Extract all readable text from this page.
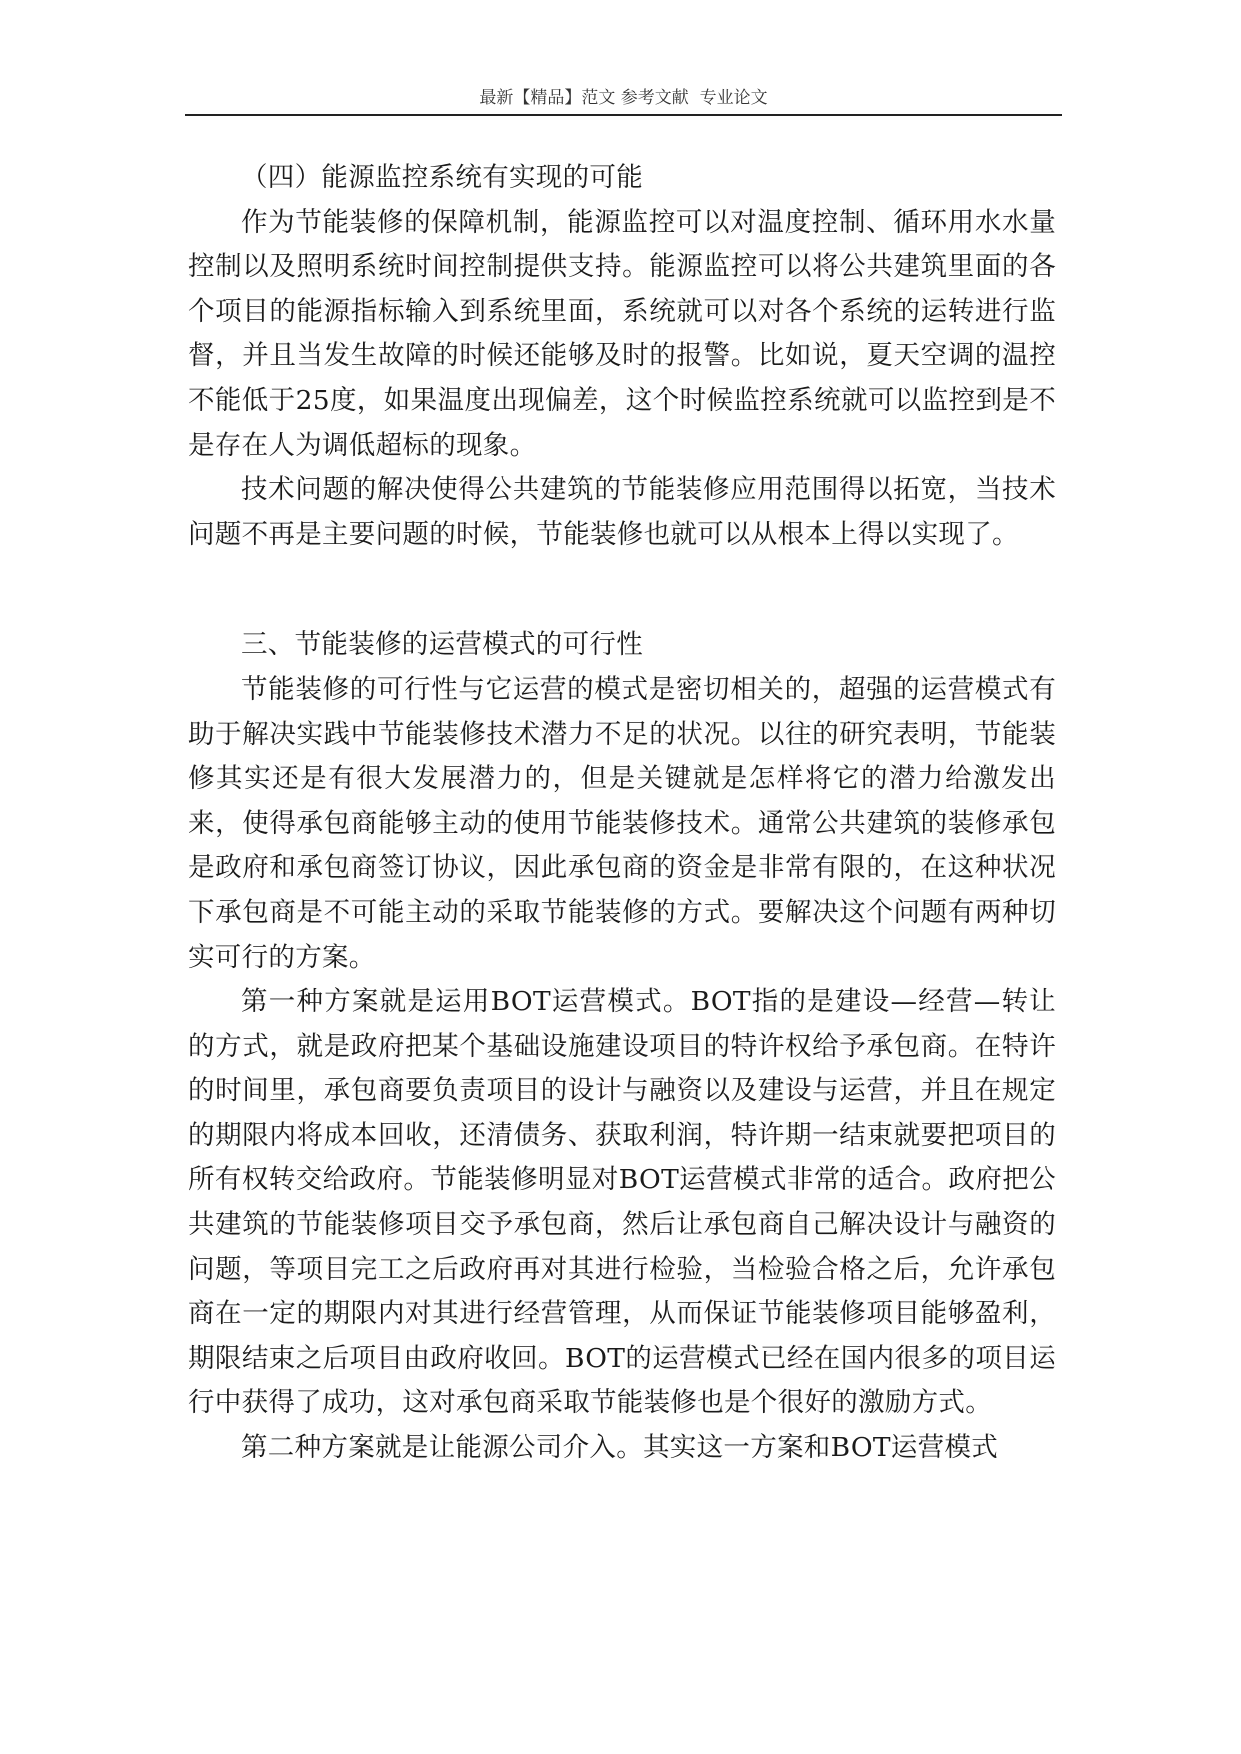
最新【精品】范文 参考文献  专业论文

（四）能源监控系统有实现的可能

作为节能装修的保障机制，能源监控可以对温度控制、循环用水水量控制以及照明系统时间控制提供支持。能源监控可以将公共建筑里面的各个项目的能源指标输入到系统里面，系统就可以对各个系统的运转进行监督，并且当发生故障的时候还能够及时的报警。比如说，夏天空调的温控不能低于25度，如果温度出现偏差，这个时候监控系统就可以监控到是不是存在人为调低超标的现象。

技术问题的解决使得公共建筑的节能装修应用范围得以拓宽，当技术问题不再是主要问题的时候，节能装修也就可以从根本上得以实现了。

三、节能装修的运营模式的可行性

节能装修的可行性与它运营的模式是密切相关的，超强的运营模式有助于解决实践中节能装修技术潜力不足的状况。以往的研究表明，节能装修其实还是有很大发展潜力的，但是关键就是怎样将它的潜力给激发出来，使得承包商能够主动的使用节能装修技术。通常公共建筑的装修承包是政府和承包商签订协议，因此承包商的资金是非常有限的，在这种状况下承包商是不可能主动的采取节能装修的方式。要解决这个问题有两种切实可行的方案。

第一种方案就是运用BOT运营模式。BOT指的是建设—经营—转让的方式，就是政府把某个基础设施建设项目的特许权给予承包商。在特许的时间里，承包商要负责项目的设计与融资以及建设与运营，并且在规定的期限内将成本回收，还清债务、获取利润，特许期一结束就要把项目的所有权转交给政府。节能装修明显对BOT运营模式非常的适合。政府把公共建筑的节能装修项目交予承包商，然后让承包商自己解决设计与融资的问题，等项目完工之后政府再对其进行检验，当检验合格之后，允许承包商在一定的期限内对其进行经营管理，从而保证节能装修项目能够盈利，期限结束之后项目由政府收回。BOT的运营模式已经在国内很多的项目运行中获得了成功，这对承包商采取节能装修也是个很好的激励方式。

第二种方案就是让能源公司介入。其实这一方案和BOT运营模式
